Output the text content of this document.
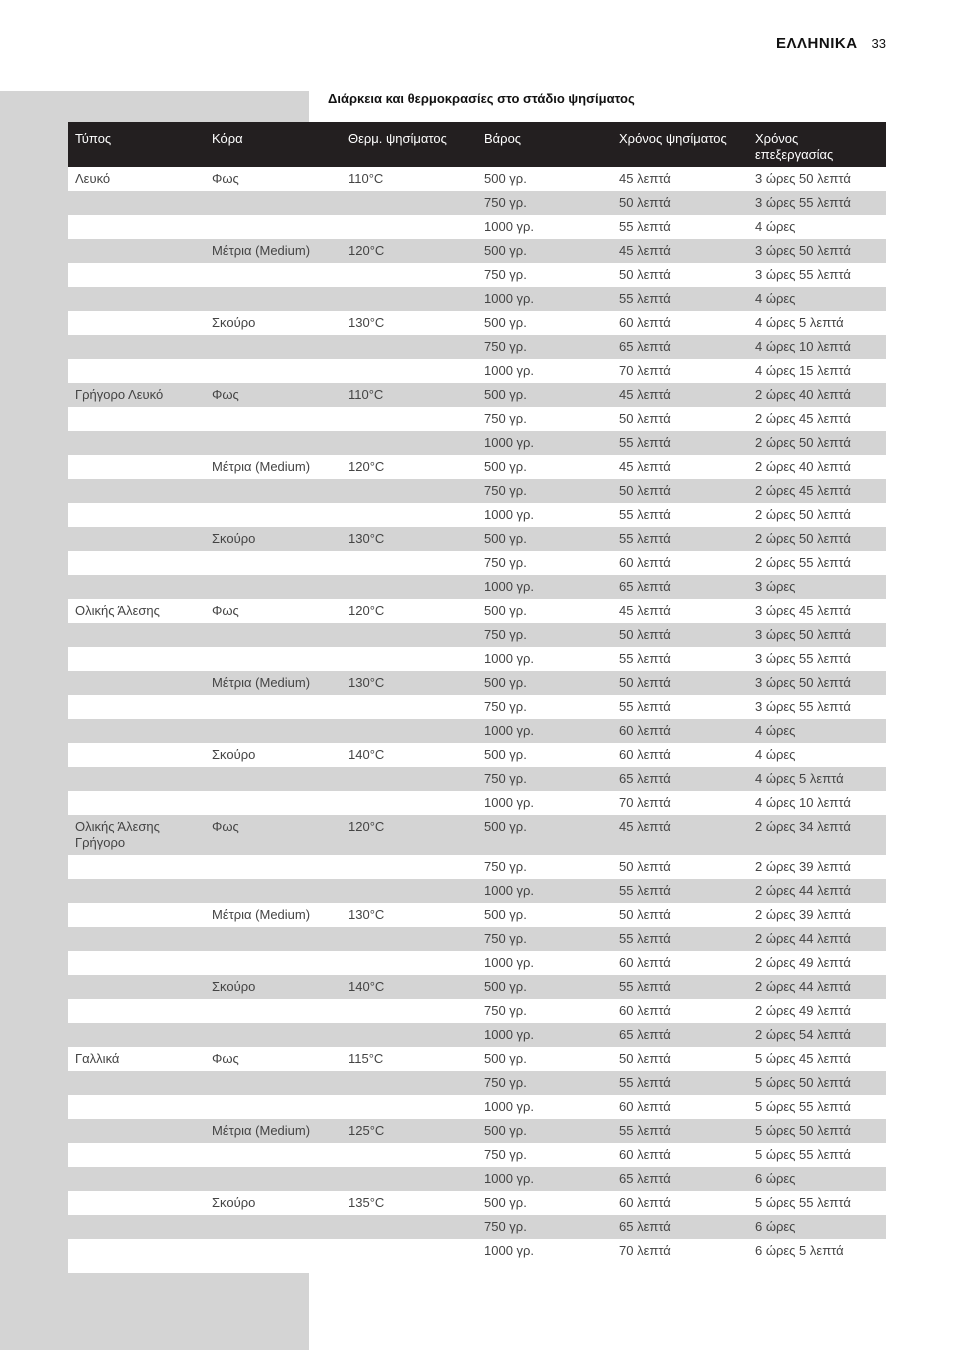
ΕΛΛΗΝΙΚΑ 33
Διάρκεια και θερμοκρασίες στο στάδιο ψησίματος
Τύπος	Κόρα	Θερμ. ψησίματος	Βάρος	Χρόνος ψησίματος	Χρόνος επεξεργασίας
Λευκό	Φως	110°C	500 γρ.	45 λεπτά	3 ώρες 50 λεπτά
			750 γρ.	50 λεπτά	3 ώρες 55 λεπτά
			1000 γρ.	55 λεπτά	4 ώρες
	Μέτρια (Medium)	120°C	500 γρ.	45 λεπτά	3 ώρες 50 λεπτά
			750 γρ.	50 λεπτά	3 ώρες 55 λεπτά
			1000 γρ.	55 λεπτά	4 ώρες
	Σκούρο	130°C	500 γρ.	60 λεπτά	4 ώρες 5 λεπτά
			750 γρ.	65 λεπτά	4 ώρες 10 λεπτά
			1000 γρ.	70 λεπτά	4 ώρες 15 λεπτά
Γρήγορο Λευκό	Φως	110°C	500 γρ.	45 λεπτά	2 ώρες 40 λεπτά
			750 γρ.	50 λεπτά	2 ώρες 45 λεπτά
			1000 γρ.	55 λεπτά	2 ώρες 50 λεπτά
	Μέτρια (Medium)	120°C	500 γρ.	45 λεπτά	2 ώρες 40 λεπτά
			750 γρ.	50 λεπτά	2 ώρες 45 λεπτά
			1000 γρ.	55 λεπτά	2 ώρες 50 λεπτά
	Σκούρο	130°C	500 γρ.	55 λεπτά	2 ώρες 50 λεπτά
			750 γρ.	60 λεπτά	2 ώρες 55 λεπτά
			1000 γρ.	65 λεπτά	3 ώρες
Ολικής Άλεσης	Φως	120°C	500 γρ.	45 λεπτά	3 ώρες 45 λεπτά
			750 γρ.	50 λεπτά	3 ώρες 50 λεπτά
			1000 γρ.	55 λεπτά	3 ώρες 55 λεπτά
	Μέτρια (Medium)	130°C	500 γρ.	50 λεπτά	3 ώρες 50 λεπτά
			750 γρ.	55 λεπτά	3 ώρες 55 λεπτά
			1000 γρ.	60 λεπτά	4 ώρες
	Σκούρο	140°C	500 γρ.	60 λεπτά	4 ώρες
			750 γρ.	65 λεπτά	4 ώρες 5 λεπτά
			1000 γρ.	70 λεπτά	4 ώρες 10 λεπτά
Ολικής Άλεσης Γρήγορο	Φως	120°C	500 γρ.	45 λεπτά	2 ώρες 34 λεπτά
			750 γρ.	50 λεπτά	2 ώρες 39 λεπτά
			1000 γρ.	55 λεπτά	2 ώρες 44 λεπτά
	Μέτρια (Medium)	130°C	500 γρ.	50 λεπτά	2 ώρες 39 λεπτά
			750 γρ.	55 λεπτά	2 ώρες 44 λεπτά
			1000 γρ.	60 λεπτά	2 ώρες 49 λεπτά
	Σκούρο	140°C	500 γρ.	55 λεπτά	2 ώρες 44 λεπτά
			750 γρ.	60 λεπτά	2 ώρες 49 λεπτά
			1000 γρ.	65 λεπτά	2 ώρες 54 λεπτά
Γαλλικά	Φως	115°C	500 γρ.	50 λεπτά	5 ώρες 45 λεπτά
			750 γρ.	55 λεπτά	5 ώρες 50 λεπτά
			1000 γρ.	60 λεπτά	5 ώρες 55 λεπτά
	Μέτρια (Medium)	125°C	500 γρ.	55 λεπτά	5 ώρες 50 λεπτά
			750 γρ.	60 λεπτά	5 ώρες 55 λεπτά
			1000 γρ.	65 λεπτά	6 ώρες
	Σκούρο	135°C	500 γρ.	60 λεπτά	5 ώρες 55 λεπτά
			750 γρ.	65 λεπτά	6 ώρες
			1000 γρ.	70 λεπτά	6 ώρες 5 λεπτά
